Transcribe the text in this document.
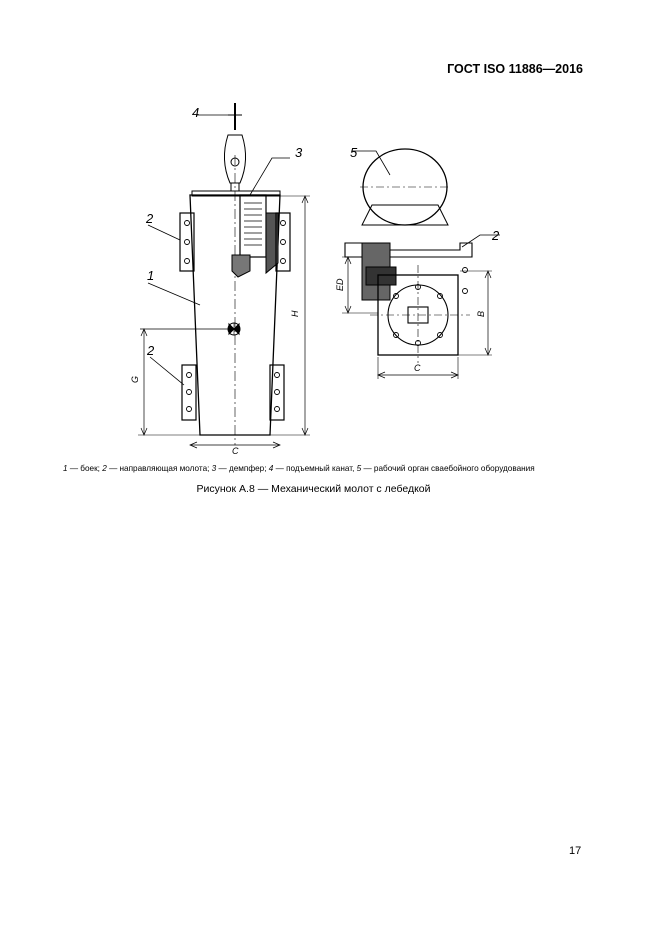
ГОСТ ISO 11886—2016
4
3
2
1
2
5
2
H
G
C
ED
B
C
1 — боек; 2 — направляющая молота; 3 — демпфер; 4 — подъемный канат, 5 — рабочий орган сваебойного оборудования
Рисунок А.8 — Механический молот с лебедкой
17
